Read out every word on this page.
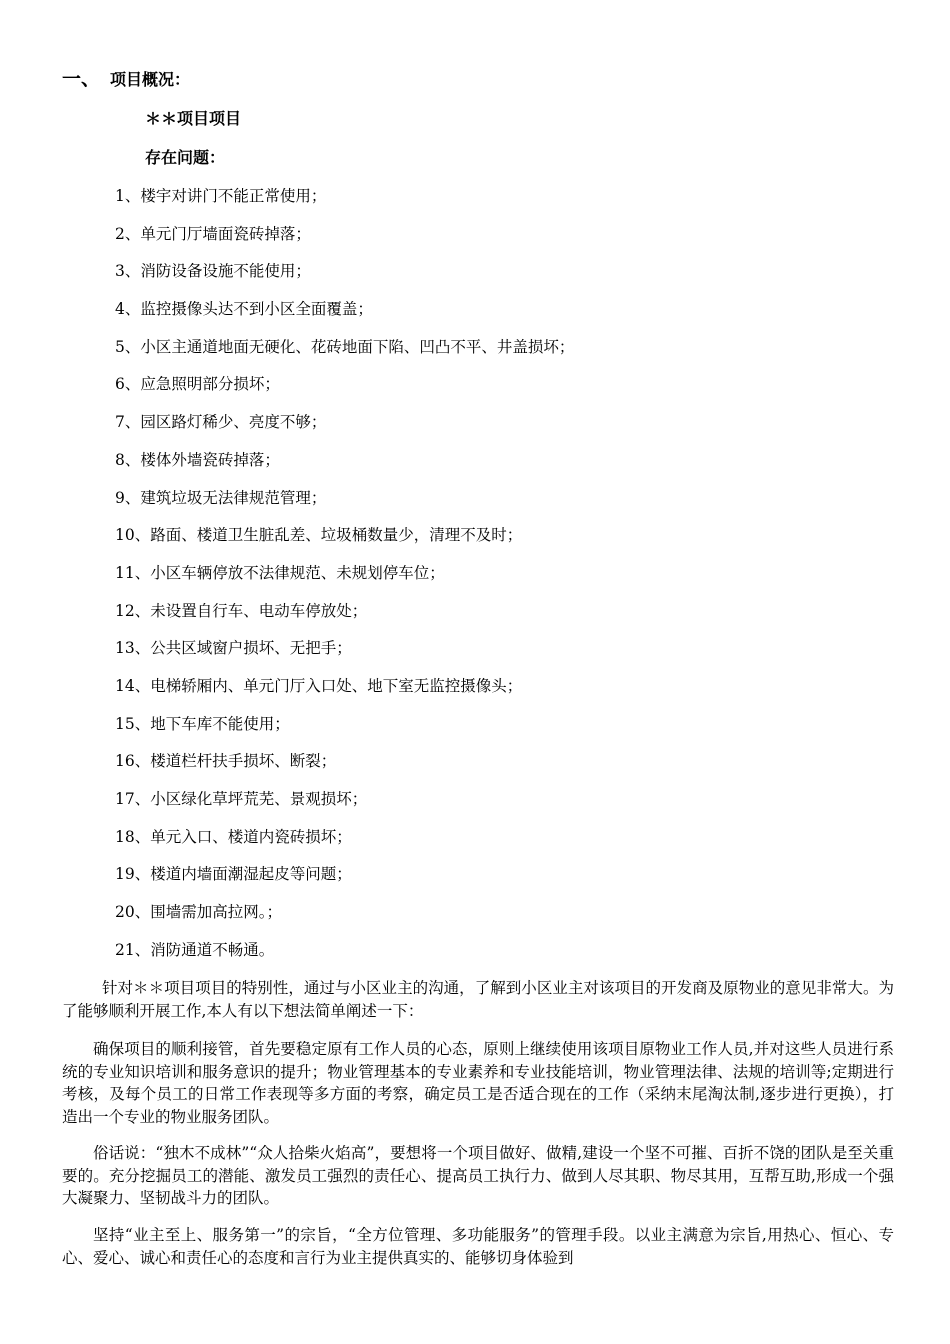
一、 项目概况：
＊＊项目项目
存在问题：
1、楼宇对讲门不能正常使用；
2、单元门厅墙面瓷砖掉落；
3、消防设备设施不能使用；
4、监控摄像头达不到小区全面覆盖；
5、小区主通道地面无硬化、花砖地面下陷、凹凸不平、井盖损坏；
6、应急照明部分损坏；
7、园区路灯稀少、亮度不够；
8、楼体外墙瓷砖掉落；
9、建筑垃圾无法律规范管理；
10、路面、楼道卫生脏乱差、垃圾桶数量少，清理不及时；
11、小区车辆停放不法律规范、未规划停车位；
12、未设置自行车、电动车停放处；
13、公共区域窗户损坏、无把手；
14、电梯轿厢内、单元门厅入口处、地下室无监控摄像头；
15、地下车库不能使用；
16、楼道栏杆扶手损坏、断裂；
17、小区绿化草坪荒芜、景观损坏；
18、单元入口、楼道内瓷砖损坏；
19、楼道内墙面潮湿起皮等问题；
20、围墙需加高拉网。；
21、消防通道不畅通。

针对＊＊项目项目的特别性，通过与小区业主的沟通，了解到小区业主对该项目的开发商及原物业的意见非常大。为了能够顺利开展工作,本人有以下想法简单阐述一下：

确保项目的顺利接管，首先要稳定原有工作人员的心态，原则上继续使用该项目原物业工作人员,并对这些人员进行系统的专业知识培训和服务意识的提升；物业管理基本的专业素养和专业技能培训，物业管理法律、法规的培训等;定期进行考核，及每个员工的日常工作表现等多方面的考察，确定员工是否适合现在的工作（采纳末尾淘汰制,逐步进行更换），打造出一个专业的物业服务团队。

俗话说：“独木不成林”“众人拾柴火焰高”，要想将一个项目做好、做精,建设一个坚不可摧、百折不饶的团队是至关重要的。充分挖掘员工的潜能、激发员工强烈的责任心、提高员工执行力、做到人尽其职、物尽其用，互帮互助,形成一个强大凝聚力、坚韧战斗力的团队。

坚持“业主至上、服务第一”的宗旨，“全方位管理、多功能服务”的管理手段。以业主满意为宗旨,用热心、恒心、专心、爱心、诚心和责任心的态度和言行为业主提供真实的、能够切身体验到
